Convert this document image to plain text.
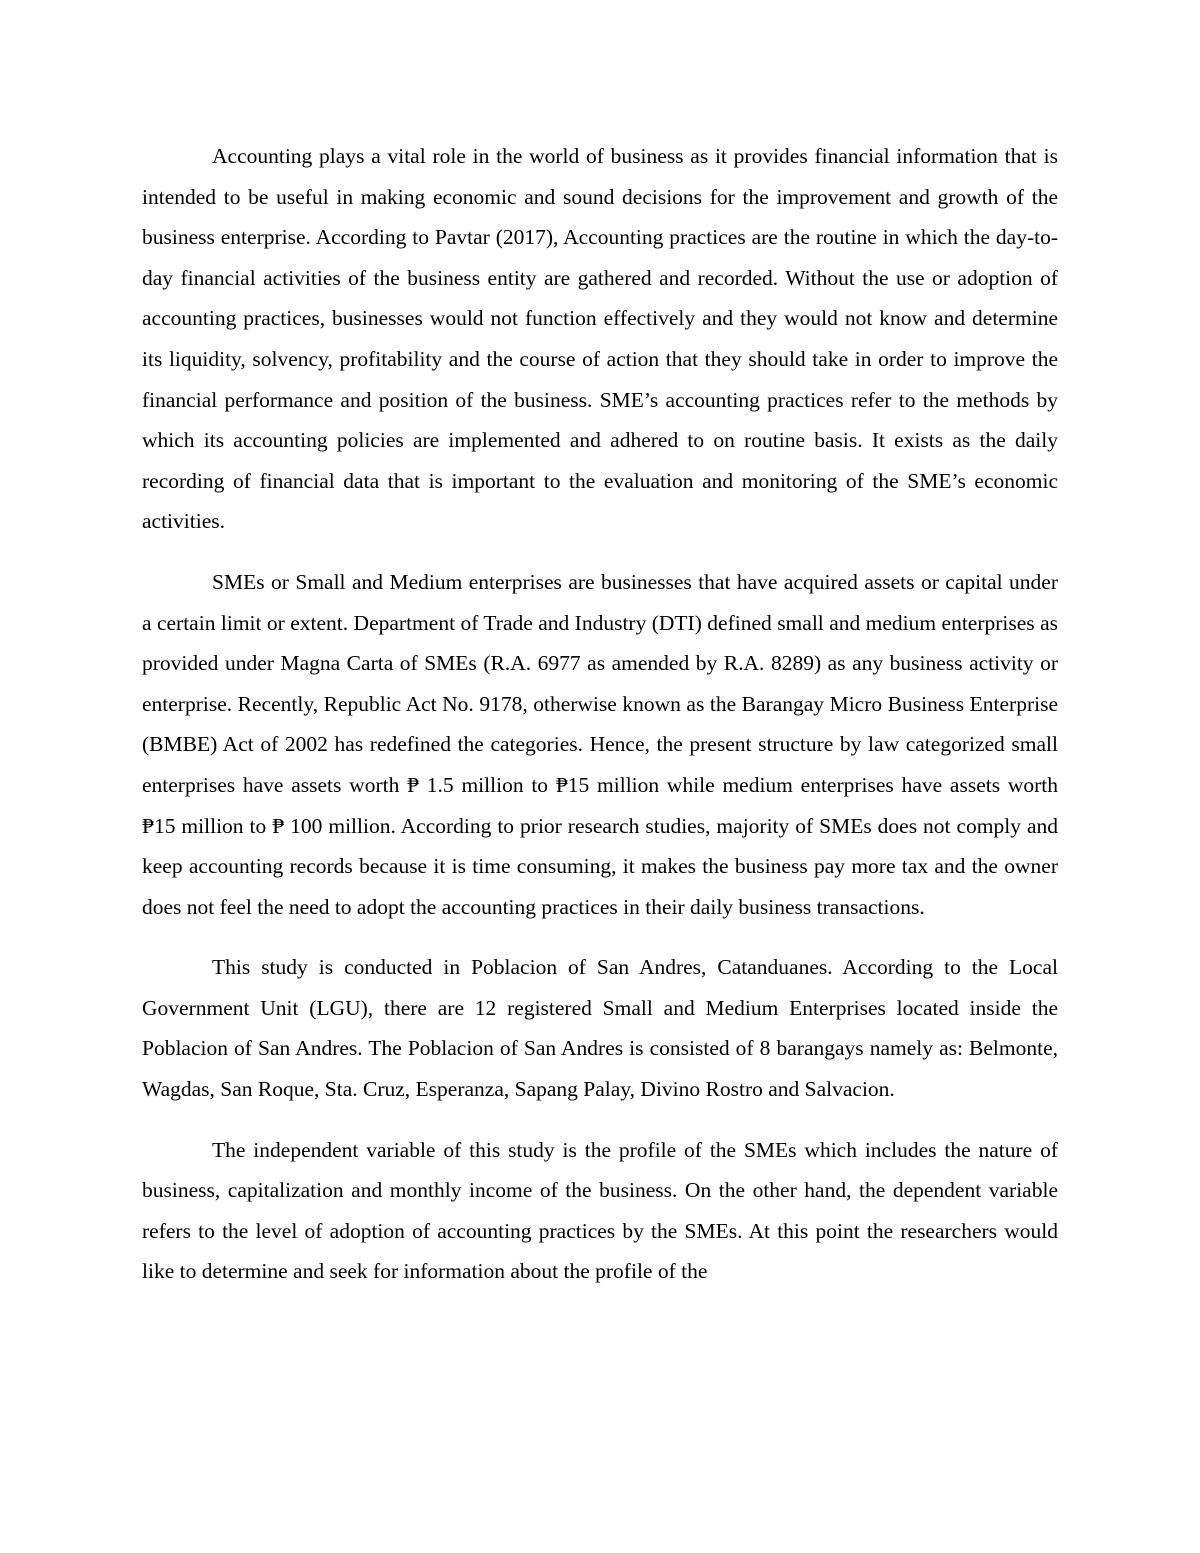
Accounting plays a vital role in the world of business as it provides financial information that is intended to be useful in making economic and sound decisions for the improvement and growth of the business enterprise. According to Pavtar (2017), Accounting practices are the routine in which the day-to-day financial activities of the business entity are gathered and recorded. Without the use or adoption of accounting practices, businesses would not function effectively and they would not know and determine its liquidity, solvency, profitability and the course of action that they should take in order to improve the financial performance and position of the business. SME’s accounting practices refer to the methods by which its accounting policies are implemented and adhered to on routine basis. It exists as the daily recording of financial data that is important to the evaluation and monitoring of the SME’s economic activities.

SMEs or Small and Medium enterprises are businesses that have acquired assets or capital under a certain limit or extent. Department of Trade and Industry (DTI) defined small and medium enterprises as provided under Magna Carta of SMEs (R.A. 6977 as amended by R.A. 8289) as any business activity or enterprise. Recently, Republic Act No. 9178, otherwise known as the Barangay Micro Business Enterprise (BMBE) Act of 2002 has redefined the categories. Hence, the present structure by law categorized small enterprises have assets worth ₱ 1.5 million to ₱15 million while medium enterprises have assets worth ₱15 million to ₱ 100 million. According to prior research studies, majority of SMEs does not comply and keep accounting records because it is time consuming, it makes the business pay more tax and the owner does not feel the need to adopt the accounting practices in their daily business transactions.

This study is conducted in Poblacion of San Andres, Catanduanes. According to the Local Government Unit (LGU), there are 12 registered Small and Medium Enterprises located inside the Poblacion of San Andres. The Poblacion of San Andres is consisted of 8 barangays namely as: Belmonte, Wagdas, San Roque, Sta. Cruz, Esperanza, Sapang Palay, Divino Rostro and Salvacion.

The independent variable of this study is the profile of the SMEs which includes the nature of business, capitalization and monthly income of the business. On the other hand, the dependent variable refers to the level of adoption of accounting practices by the SMEs. At this point the researchers would like to determine and seek for information about the profile of the
